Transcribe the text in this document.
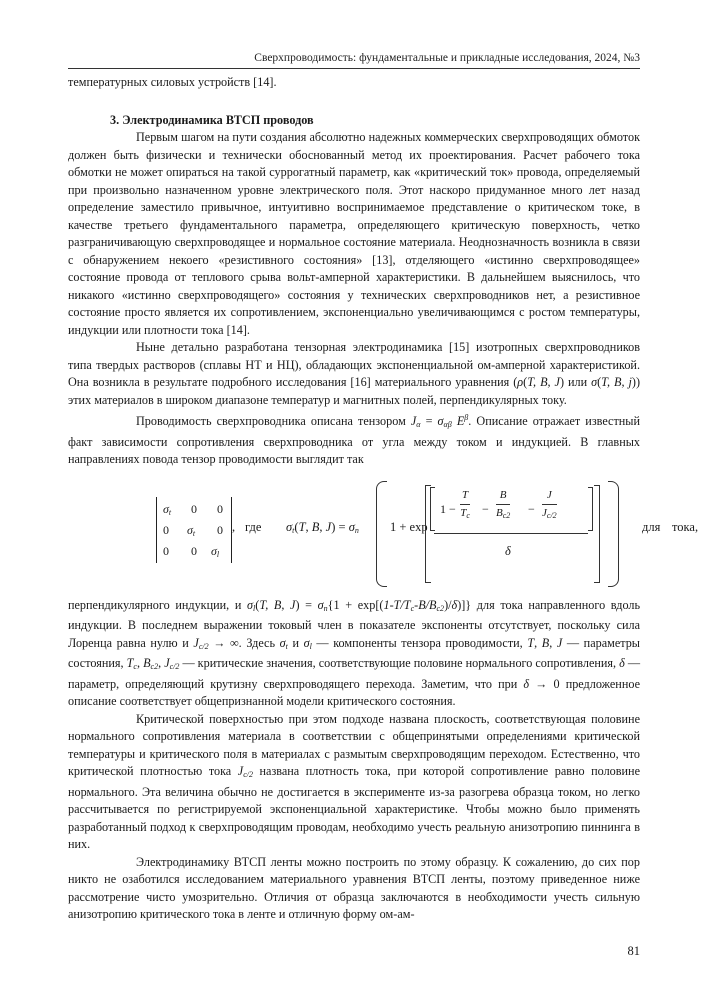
Сверхпроводимость: фундаментальные и прикладные исследования, 2024, №3

температурных силовых устройств [14].

3. Электродинамика ВТСП проводов

Первым шагом на пути создания абсолютно надежных коммерческих сверхпроводящих обмоток должен быть физически и технически обоснованный метод их проектирования. Расчет рабочего тока обмотки не может опираться на такой суррогатный параметр, как «критический ток» провода, определяемый при произвольно назначенном уровне электрического поля. Этот наскоро придуманное много лет назад определение заместило привычное, интуитивно воспринимаемое представление о критическом токе, в качестве третьего фундаментального параметра, определяющего критическую поверхность, четко разграничивающую сверхпроводящее и нормальное состояние материала. Неоднозначность возникла в связи с обнаружением некоего «резистивного состояния» [13], отделяющего «истинно сверхпроводящее» состояние провода от теплового срыва вольт-амперной характеристики. В дальнейшем выяснилось, что никакого «истинно сверхпроводящего» состояния у технических сверхпроводников нет, а резистивное состояние просто является их сопротивлением, экспоненциально увеличивающимся с ростом температуры, индукции или плотности тока [14].

Ныне детально разработана тензорная электродинамика [15] изотропных сверхпроводников типа твердых растворов (сплавы НТ и НЦ), обладающих экспоненциальной ом-амперной характеристикой. Она возникла в результате подробного исследования [16] материального уравнения (ρ(T, B, J) или σ(T, B, j)) этих материалов в широком диапазоне температур и магнитных полей, перпендикулярных току.

Проводимость сверхпроводника описана тензором $J_\alpha = \sigma_{\alpha\beta}$ $E^\beta$. Описание отражает известный факт зависимости сопротивления сверхпроводника от угла между током и индукцией. В главных направлениях повода тензор проводимости выглядит так

$\sigma_t$ 0 0
0 $\sigma_t$ 0
0 0 $\sigma_l$
, где $\sigma_t(T$, B, $J) = \sigma_n$ 1 + exp
1 −
T
$T_c$ −
B
$B_{c2}$ −
J
$J_{c/2}$
δ
для тока,

перпендикулярного индукции, и $\sigma_l(T$, B, $J) = \sigma_n\{1 + \exp[(1-T/T_c-B/B_{c2})/\delta)]$} для тока направленного вдоль индукции. В последнем выражении токовый член в показателе экспоненты отсутствует, поскольку сила Лоренца равна нулю и $J_{c/2}$ → ∞. Здесь $\sigma_t$ и $\sigma_l$ — компоненты тензора проводимости, T, B, J — параметры состояния, $T_c$, $B_{c2}$, $J_{c/2}$ — критические значения, соответствующие половине нормального сопротивления, δ — параметр, определяющий крутизну сверхпроводящего перехода. Заметим, что при δ → 0 предложенное описание соответствует общепризнанной модели критического состояния.

Критической поверхностью при этом подходе названа плоскость, соответствующая половине нормального сопротивления материала в соответствии с общепринятыми определениями критической температуры и критического поля в материалах с размытым сверхпроводящим переходом. Естественно, что критической плотностью тока $J_{c/2}$ названа плотность тока, при которой сопротивление равно половине нормального. Эта величина обычно не достигается в эксперименте из-за разогрева образца током, но легко рассчитывается по регистрируемой экспоненциальной характеристике. Чтобы можно было применять разработанный подход к сверхпроводящим проводам, необходимо учесть реальную анизотропию пиннинга в них.

Электродинамику ВТСП ленты можно построить по этому образцу. К сожалению, до сих пор никто не озаботился исследованием материального уравнения ВТСП ленты, поэтому приведенное ниже рассмотрение чисто умозрительно. Отличия от образца заключаются в необходимости учесть сильную анизотропию критического тока в ленте и отличную форму ом-ам-

81
